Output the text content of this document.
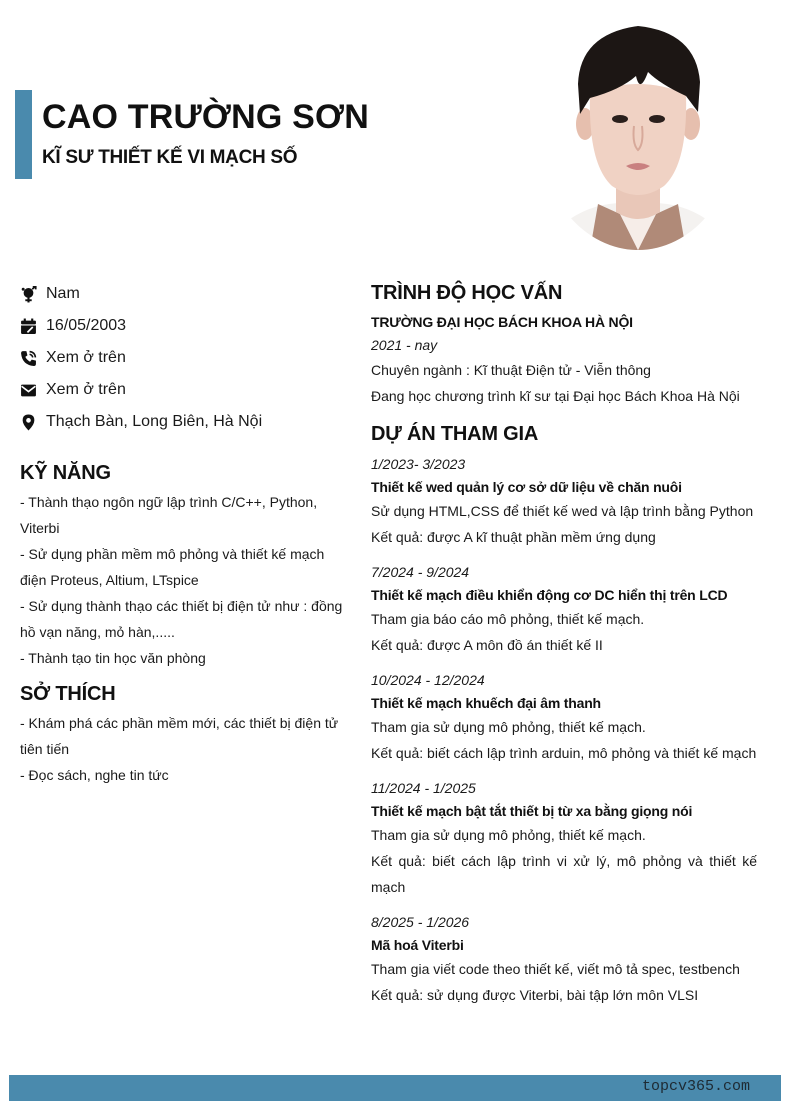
CAO TRƯỜNG SƠN
KĨ SƯ THIẾT KẾ VI MẠCH SỐ
Nam
16/05/2003
Xem ở trên
Xem ở trên
Thạch Bàn, Long Biên, Hà Nội
KỸ NĂNG
- Thành thạo ngôn ngữ lập trình C/C++, Python, Viterbi
- Sử dụng phần mềm mô phỏng và thiết kế mạch điện Proteus, Altium, LTspice
- Sử dụng thành thạo các thiết bị điện tử như : đồng hồ vạn năng, mỏ hàn,.....
- Thành tạo tin học văn phòng
SỞ THÍCH
- Khám phá các phần mềm mới, các thiết bị điện tử tiên tiến
- Đọc sách, nghe tin tức
TRÌNH ĐỘ HỌC VẤN
TRƯỜNG ĐẠI HỌC BÁCH KHOA HÀ NỘI
2021 - nay
Chuyên ngành : Kĩ thuật Điện tử - Viễn thông
Đang học chương trình kĩ sư tại Đại học Bách Khoa Hà Nội
DỰ ÁN THAM GIA
1/2023- 3/2023
Thiết kế wed quản lý cơ sở dữ liệu về chăn nuôi
Sử dụng HTML,CSS để thiết kế wed và lập trình bằng Python
Kết quả: được A kĩ thuật phần mềm ứng dụng
7/2024 - 9/2024
Thiết kế mạch điều khiển động cơ DC hiển thị trên LCD
Tham gia báo cáo mô phỏng, thiết kế mạch.
Kết quả: được A môn đồ án thiết kế II
10/2024 - 12/2024
Thiết kế mạch khuếch đại âm thanh
Tham gia sử dụng mô phỏng, thiết kế mạch.
Kết quả: biết cách lập trình arduin, mô phỏng và thiết kế mạch
11/2024 - 1/2025
Thiết kế mạch bật tắt thiết bị từ xa bằng giọng nói
Tham gia sử dụng mô phỏng, thiết kế mạch.
Kết quả: biết cách lập trình vi xử lý, mô phỏng và thiết kế mạch
8/2025 - 1/2026
Mã hoá Viterbi
Tham gia viết code theo thiết kế, viết mô tả spec, testbench
Kết quả: sử dụng được Viterbi, bài tập lớn môn VLSI
topcv365.com
